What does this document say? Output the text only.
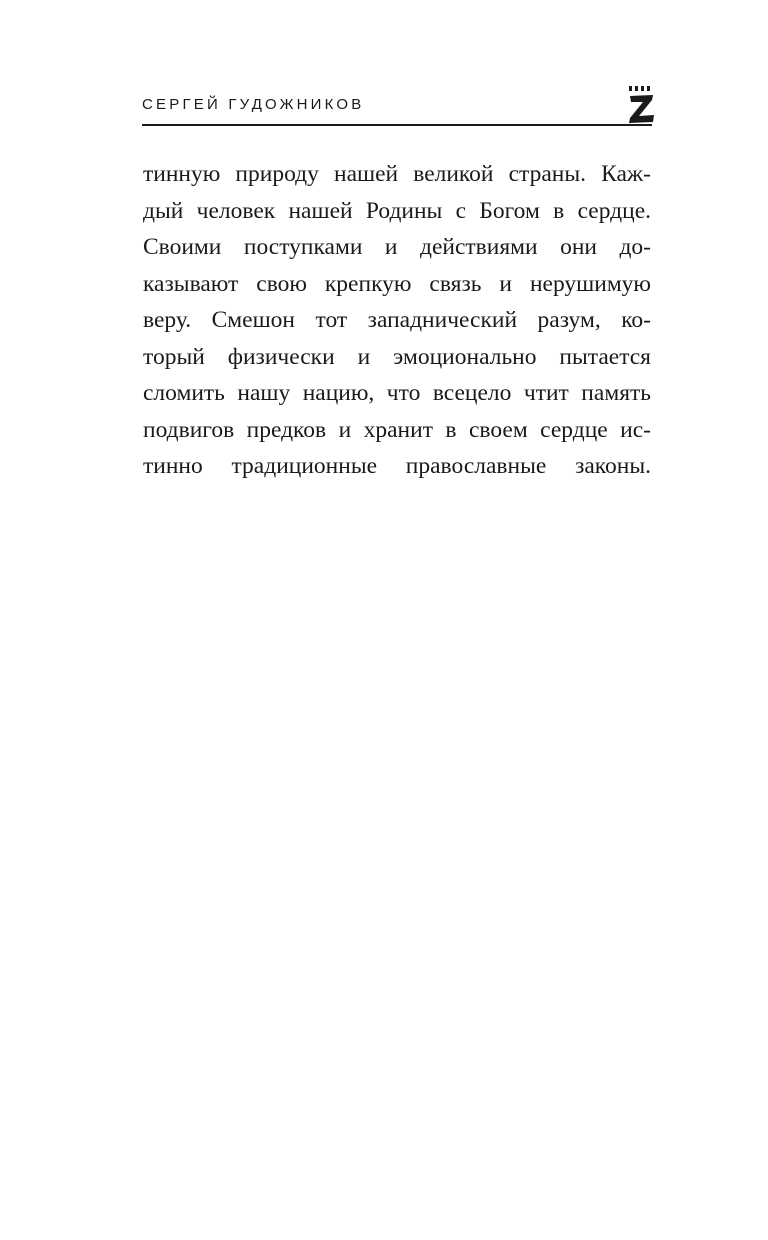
СЕРГЕЙ ГУДОЖНИКОВ
тинную природу нашей великой страны. Каж-
дый человек нашей Родины с Богом в сердце.
Своими поступками и действиями они до-
казывают свою крепкую связь и нерушимую
веру. Смешон тот западнический разум, ко-
торый физически и эмоционально пытается
сломить нашу нацию, что всецело чтит память
подвигов предков и хранит в своем сердце ис-
тинно традиционные православные законы.
